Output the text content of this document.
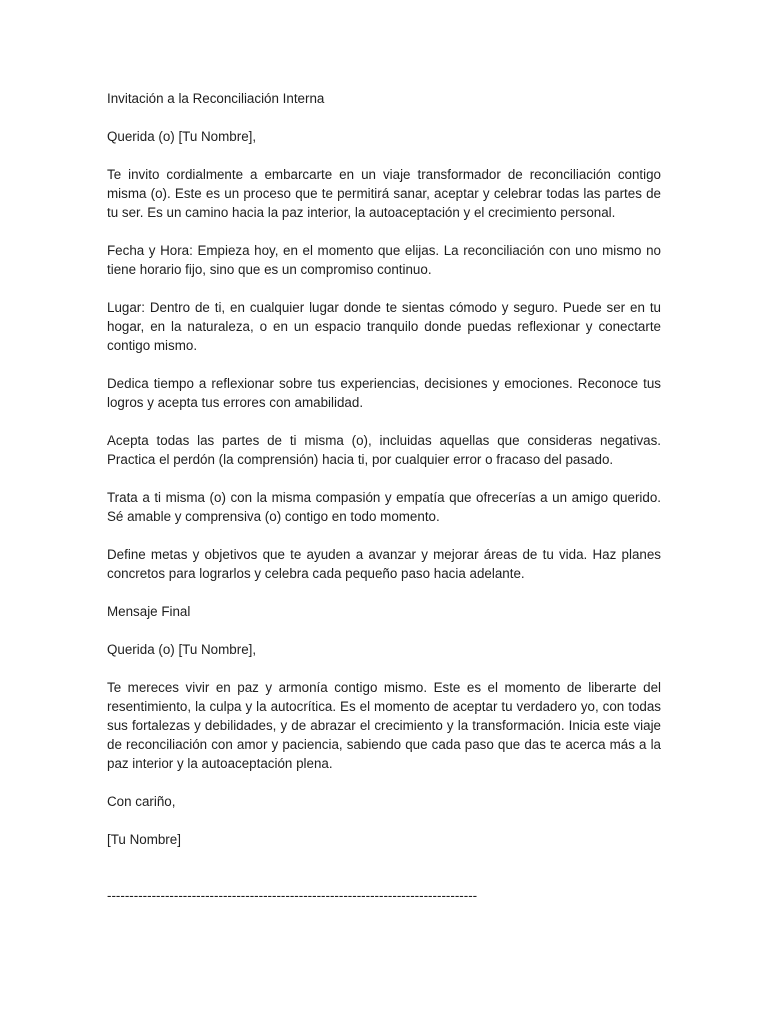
Invitación a la Reconciliación Interna

Querida (o) [Tu Nombre],

Te invito cordialmente a embarcarte en un viaje transformador de reconciliación contigo misma (o). Este es un proceso que te permitirá sanar, aceptar y celebrar todas las partes de tu ser. Es un camino hacia la paz interior, la autoaceptación y el crecimiento personal.

Fecha y Hora: Empieza hoy, en el momento que elijas. La reconciliación con uno mismo no tiene horario fijo, sino que es un compromiso continuo.

Lugar: Dentro de ti, en cualquier lugar donde te sientas cómodo y seguro. Puede ser en tu hogar, en la naturaleza, o en un espacio tranquilo donde puedas reflexionar y conectarte contigo mismo.

Dedica tiempo a reflexionar sobre tus experiencias, decisiones y emociones. Reconoce tus logros y acepta tus errores con amabilidad.

Acepta todas las partes de ti misma (o), incluidas aquellas que consideras negativas. Practica el perdón (la comprensión) hacia ti, por cualquier error o fracaso del pasado.

Trata a ti misma (o) con la misma compasión y empatía que ofrecerías a un amigo querido. Sé amable y comprensiva (o) contigo en todo momento.

Define metas y objetivos que te ayuden a avanzar y mejorar áreas de tu vida. Haz planes concretos para lograrlos y celebra cada pequeño paso hacia adelante.

Mensaje Final

Querida (o) [Tu Nombre],

Te mereces vivir en paz y armonía contigo mismo. Este es el momento de liberarte del resentimiento, la culpa y la autocrítica. Es el momento de aceptar tu verdadero yo, con todas sus fortalezas y debilidades, y de abrazar el crecimiento y la transformación. Inicia este viaje de reconciliación con amor y paciencia, sabiendo que cada paso que das te acerca más a la paz interior y la autoaceptación plena.

Con cariño,

[Tu Nombre]

-----------------------------------------------------------------------------------
